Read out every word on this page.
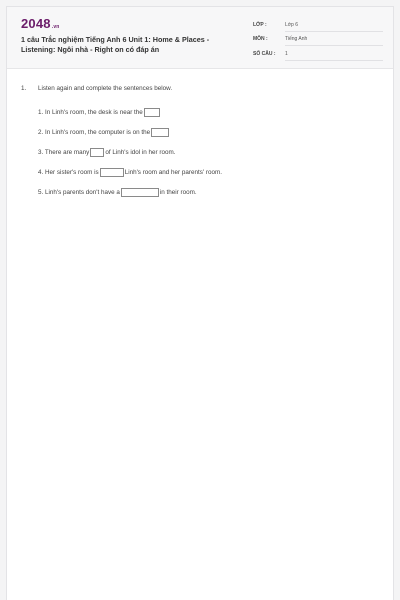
2048.vn
1 câu Trắc nghiệm Tiếng Anh 6 Unit 1: Home & Places - Listening: Ngôi nhà - Right on có đáp án
LỚP :	Lớp 6
MÔN :	Tiếng Anh
SỐ CÂU :	1
1.	Listen again and complete the sentences below.
1. In Linh's room, the desk is near the
2. In Linh's room, the computer is on the
3. There are many	of Linh's idol in her room.
4. Her sister's room is	Linh's room and her parents' room.
5. Linh's parents don't have a	in their room.
